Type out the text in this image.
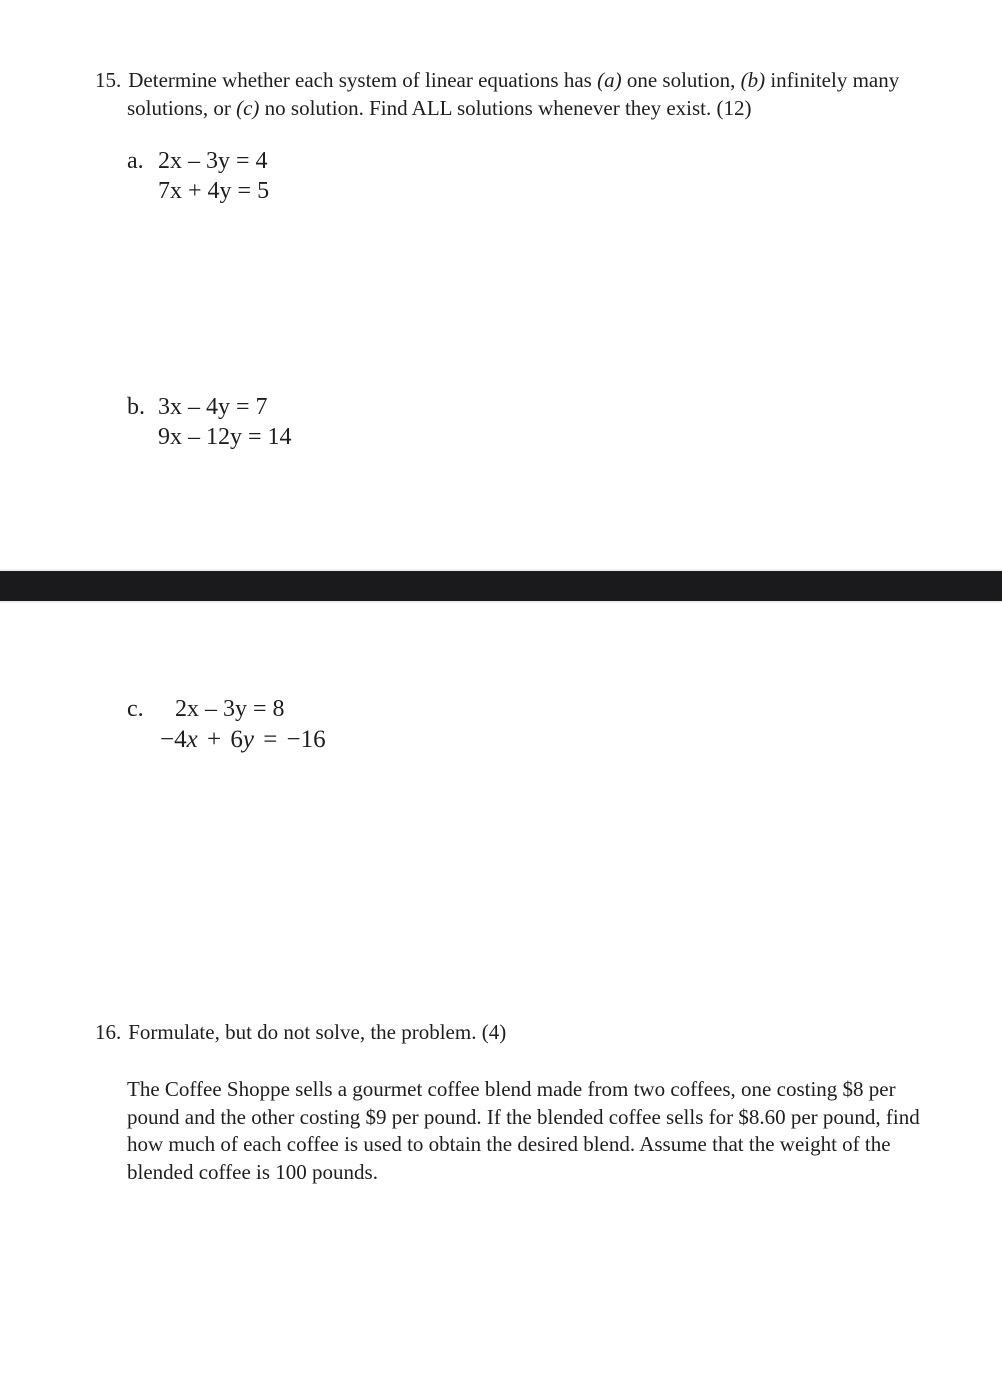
15. Determine whether each system of linear equations has (a) one solution, (b) infinitely many
solutions, or (c) no solution. Find ALL solutions whenever they exist. (12)
a. 2x – 3y = 4
7x + 4y = 5
b. 3x – 4y = 7
9x – 12y = 14
c. 2x – 3y = 8
−4x + 6y = −16
16. Formulate, but do not solve, the problem. (4)
The Coffee Shoppe sells a gourmet coffee blend made from two coffees, one costing $8 per
pound and the other costing $9 per pound. If the blended coffee sells for $8.60 per pound, find
how much of each coffee is used to obtain the desired blend. Assume that the weight of the
blended coffee is 100 pounds.
